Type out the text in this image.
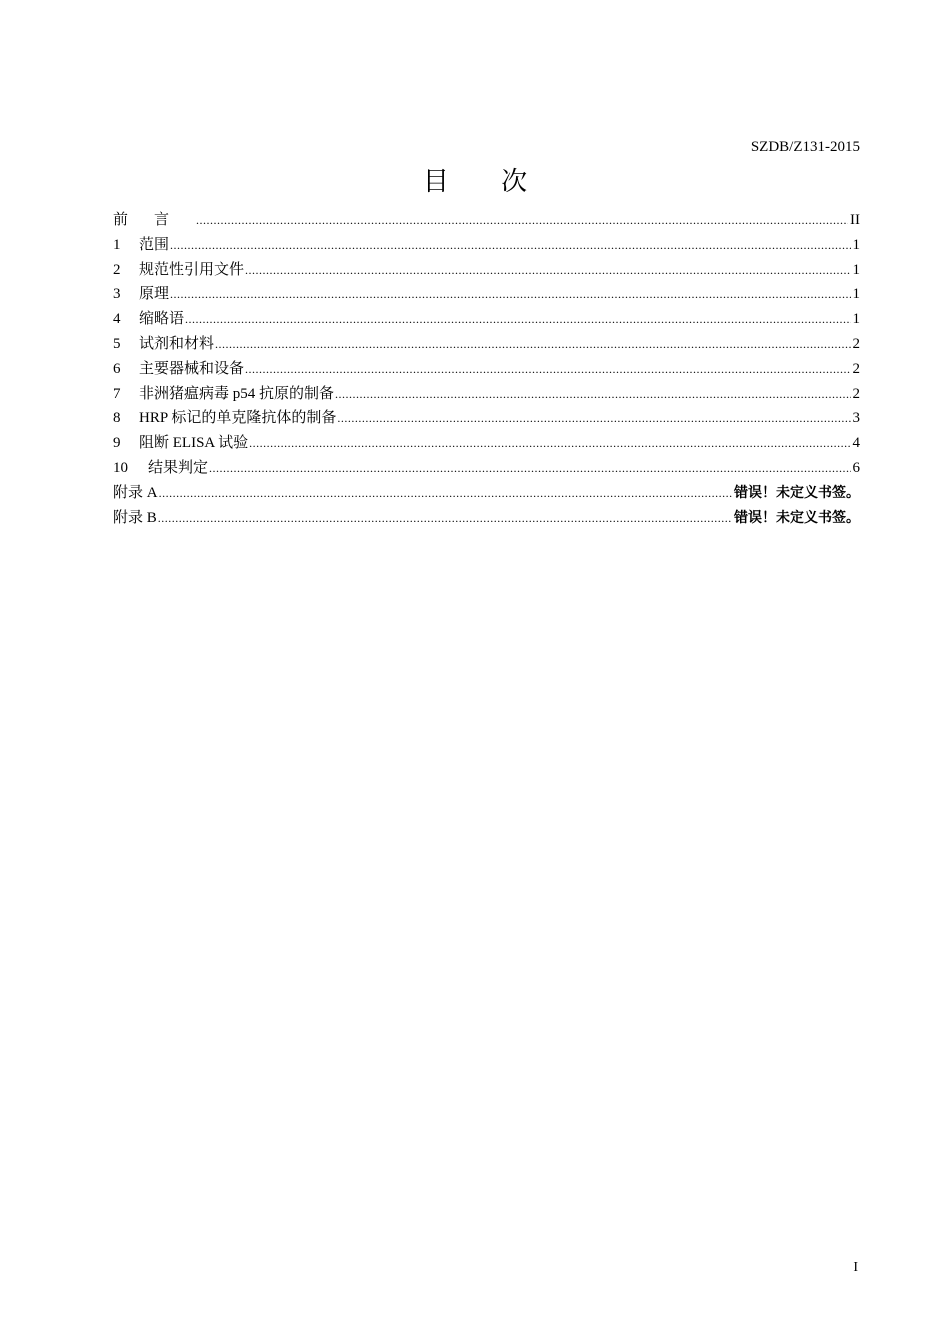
SZDB/Z131-2015
目 次
前言 .....	II
1	范围 .....	1
2	规范性引用文件 .....	1
3	原理 .....	1
4	缩略语 .....	1
5	试剂和材料 .....	2
6	主要器械和设备 .....	2
7	非洲猪瘟病毒 p54 抗原的制备 .....	2
8	HRP 标记的单克隆抗体的制备 .....	3
9	阻断 ELISA 试验 .....	4
10	结果判定 .....	6
附录 A .....	错误！未定义书签。
附录 B .....	错误！未定义书签。
I
